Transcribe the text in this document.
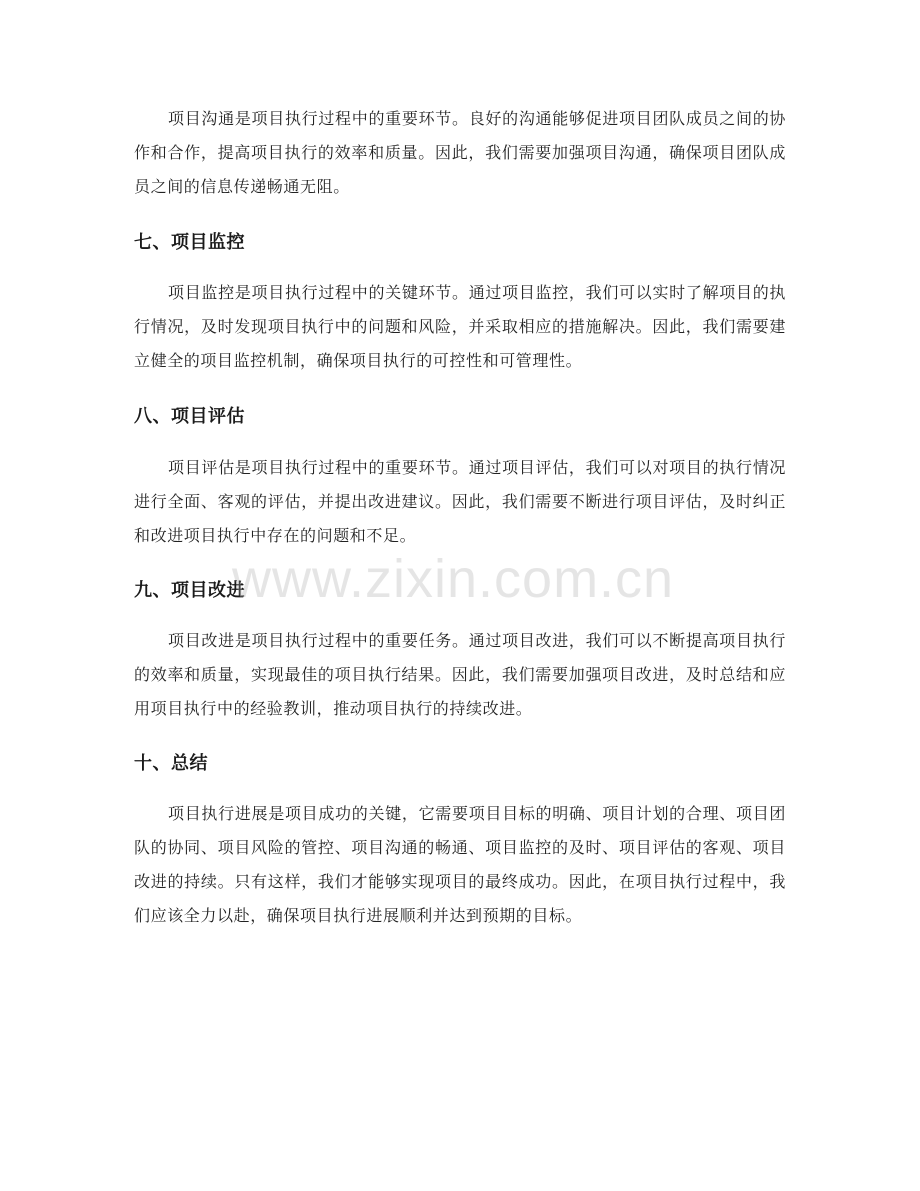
项目沟通是项目执行过程中的重要环节。良好的沟通能够促进项目团队成员之间的协作和合作，提高项目执行的效率和质量。因此，我们需要加强项目沟通，确保项目团队成员之间的信息传递畅通无阻。

七、项目监控

项目监控是项目执行过程中的关键环节。通过项目监控，我们可以实时了解项目的执行情况，及时发现项目执行中的问题和风险，并采取相应的措施解决。因此，我们需要建立健全的项目监控机制，确保项目执行的可控性和可管理性。

八、项目评估

项目评估是项目执行过程中的重要环节。通过项目评估，我们可以对项目的执行情况进行全面、客观的评估，并提出改进建议。因此，我们需要不断进行项目评估，及时纠正和改进项目执行中存在的问题和不足。

九、项目改进

项目改进是项目执行过程中的重要任务。通过项目改进，我们可以不断提高项目执行的效率和质量，实现最佳的项目执行结果。因此，我们需要加强项目改进，及时总结和应用项目执行中的经验教训，推动项目执行的持续改进。

十、总结

项目执行进展是项目成功的关键，它需要项目目标的明确、项目计划的合理、项目团队的协同、项目风险的管控、项目沟通的畅通、项目监控的及时、项目评估的客观、项目改进的持续。只有这样，我们才能够实现项目的最终成功。因此，在项目执行过程中，我们应该全力以赴，确保项目执行进展顺利并达到预期的目标。

www.zixin.com.cn
